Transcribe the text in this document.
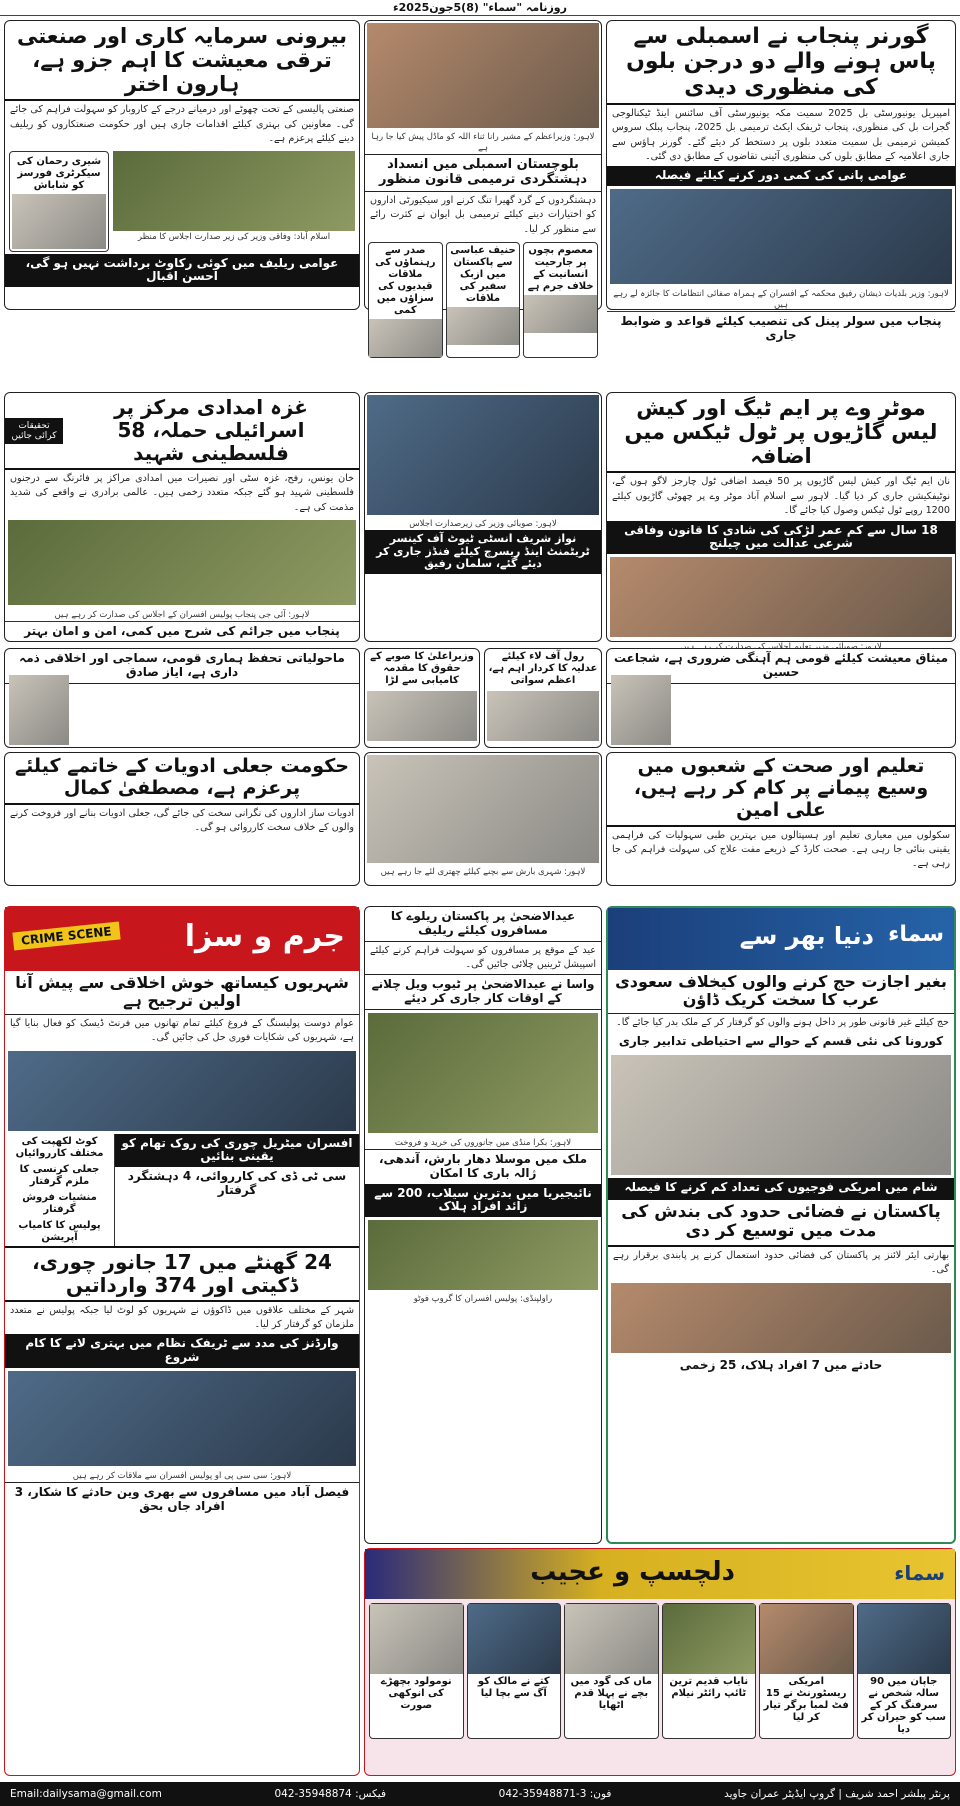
روزنامہ "سماء" (8)5جون2025ء
گورنر پنجاب نے اسمبلی سے پاس ہونے والے دو درجن بلوں کی منظوری دیدی
امپیریل یونیورسٹی بل 2025 سمیت مکہ یونیورسٹی آف سائنس اینڈ ٹیکنالوجی گجرات بل کی منظوری، پنجاب ٹریفک ایکٹ ترمیمی بل 2025، پنجاب پبلک سروس کمیشن ترمیمی بل سمیت متعدد بلوں پر دستخط کر دیئے گئے۔ گورنر ہاؤس سے جاری اعلامیہ کے مطابق بلوں کی منظوری آئینی تقاضوں کے مطابق دی گئی۔
عوامی پانی کی کمی دور کرنے کیلئے فیصلہ
لاہور: وزیر بلدیات ذیشان رفیق محکمہ کے افسران کے ہمراہ صفائی انتظامات کا جائزہ لے رہے ہیں
پنجاب میں سولر پینل کی تنصیب کیلئے قواعد و ضوابط جاری
لاہور: وزیراعظم کے مشیر رانا ثناء اللہ کو ماڈل پیش کیا جا رہا ہے
بلوچستان اسمبلی میں انسداد دہشتگردی ترمیمی قانون منظور
دہشتگردوں کے گرد گھیرا تنگ کرنے اور سیکیورٹی اداروں کو اختیارات دینے کیلئے ترمیمی بل ایوان نے کثرت رائے سے منظور کر لیا۔
معصوم بچوں پر جارحیت انسانیت کے خلاف جرم ہے
حنیف عباسی سے پاکستان میں ازبک سفیر کی ملاقات
صدر سے رہنماؤں کی ملاقات قیدیوں کی سزاؤں میں کمی
بیرونی سرمایہ کاری اور صنعتی ترقی معیشت کا اہم جزو ہے، ہارون اختر
صنعتی پالیسی کے تحت چھوٹے اور درمیانے درجے کے کاروبار کو سہولت فراہم کی جائے گی۔ معاونین کی بہتری کیلئے اقدامات جاری ہیں اور حکومت صنعتکاروں کو ریلیف دینے کیلئے پرعزم ہے۔
اسلام آباد: وفاقی وزیر کی زیر صدارت اجلاس کا منظر
شیری رحمان کی سیکرٹری فورسز کو شاباش
عوامی ریلیف میں کوئی رکاوٹ برداشت نہیں ہو گی، احسن اقبال
موٹر وے پر ایم ٹیگ اور کیش لیس گاڑیوں پر ٹول ٹیکس میں اضافہ
نان ایم ٹیگ اور کیش لیس گاڑیوں پر 50 فیصد اضافی ٹول چارجز لاگو ہوں گے، نوٹیفکیشن جاری کر دیا گیا۔ لاہور سے اسلام آباد موٹر وے پر چھوٹی گاڑیوں کیلئے 1200 روپے ٹول ٹیکس وصول کیا جائے گا۔
18 سال سے کم عمر لڑکی کی شادی کا قانون وفاقی شرعی عدالت میں چیلنج
لاہور: صوبائی وزیر کی زیرصدارت اجلاس
نواز شریف انسٹی ٹیوٹ آف کینسر ٹریٹمنٹ اینڈ ریسرچ کیلئے فنڈز جاری کر دیئے گئے، سلمان رفیق
غزہ امدادی مرکز پر اسرائیلی حملہ، 58 فلسطینی شہید
تحقیقات کرائی جائیں
خان یونس، رفح، غزہ سٹی اور نصیرات میں امدادی مراکز پر فائرنگ سے درجنوں فلسطینی شہید ہو گئے جبکہ متعدد زخمی ہیں۔ عالمی برادری نے واقعے کی شدید مذمت کی ہے۔
لاہور: آئی جی پنجاب پولیس افسران کے اجلاس کی صدارت کر رہے ہیں
پنجاب میں جرائم کی شرح میں کمی، امن و امان بہتر
میثاق معیشت کیلئے قومی ہم آہنگی ضروری ہے، شجاعت حسین
رول آف لاء کیلئے عدلیہ کا کردار اہم ہے، اعظم سواتی
وزیراعلیٰ کا صوبے کے حقوق کا مقدمہ کامیابی سے لڑا
ماحولیاتی تحفظ ہماری قومی، سماجی اور اخلاقی ذمہ داری ہے، ایاز صادق
تعلیم اور صحت کے شعبوں میں وسیع پیمانے پر کام کر رہے ہیں، علی امین
سکولوں میں معیاری تعلیم اور ہسپتالوں میں بہترین طبی سہولیات کی فراہمی یقینی بنائی جا رہی ہے۔ صحت کارڈ کے ذریعے مفت علاج کی سہولت فراہم کی جا رہی ہے۔
لاہور: شہری بارش سے بچنے کیلئے چھتری لئے جا رہے ہیں
حکومت جعلی ادویات کے خاتمے کیلئے پرعزم ہے، مصطفیٰ کمال
ادویات ساز اداروں کی نگرانی سخت کی جائے گی، جعلی ادویات بنانے اور فروخت کرنے والوں کے خلاف سخت کارروائی ہو گی۔
CRIME SCENE جرم و سزا
شہریوں کیساتھ خوش اخلاقی سے پیش آنا اولین ترجیح ہے
عوام دوست پولیسنگ کے فروغ کیلئے تمام تھانوں میں فرنٹ ڈیسک کو فعال بنایا گیا ہے، شہریوں کی شکایات فوری حل کی جائیں گی۔
افسران میٹریل چوری کی روک تھام کو یقینی بنائیں
سی ٹی ڈی کی کارروائی، 4 دہشتگرد گرفتار
کوٹ لکھپت کی مختلف کارروائیاں
جعلی کرنسی کا ملزم گرفتار
منشیات فروش گرفتار
پولیس کا کامیاب آپریشن
24 گھنٹے میں 17 جانور چوری، ڈکیتی اور 374 وارداتیں
شہر کے مختلف علاقوں میں ڈاکوؤں نے شہریوں کو لوٹ لیا جبکہ پولیس نے متعدد ملزمان کو گرفتار کر لیا۔
وارڈنز کی مدد سے ٹریفک نظام میں بہتری لانے کا کام شروع
لاہور: سی سی پی او پولیس افسران سے ملاقات کر رہے ہیں
فیصل آباد میں مسافروں سے بھری وین حادثے کا شکار، 3 افراد جاں بحق
عیدالاضحیٰ پر پاکستان ریلوے کا مسافروں کیلئے ریلیف
عید کے موقع پر مسافروں کو سہولت فراہم کرنے کیلئے اسپیشل ٹرینیں چلائی جائیں گی۔
واسا نے عیدالاضحیٰ پر ٹیوب ویل چلانے کے اوقات کار جاری کر دیئے
لاہور: بکرا منڈی میں جانوروں کی خرید و فروخت
ملک میں موسلا دھار بارش، آندھی، ژالہ باری کا امکان
نائیجیریا میں بدترین سیلاب، 200 سے زائد افراد ہلاک
راولپنڈی: پولیس افسران کا گروپ فوٹو
سماء
دنیا بھر سے
بغیر اجازت حج کرنے والوں کیخلاف سعودی عرب کا سخت کریک ڈاؤن
حج کیلئے غیر قانونی طور پر داخل ہونے والوں کو گرفتار کر کے ملک بدر کیا جائے گا۔
کورونا کی نئی قسم کے حوالے سے احتیاطی تدابیر جاری
شام میں امریکی فوجیوں کی تعداد کم کرنے کا فیصلہ
پاکستان نے فضائی حدود کی بندش کی مدت میں توسیع کر دی
بھارتی ایئر لائنز پر پاکستان کی فضائی حدود استعمال کرنے پر پابندی برقرار رہے گی۔
حادثے میں 7 افراد ہلاک، 25 زخمی
سماء
دلچسپ و عجیب
جاپان میں 90 سالہ شخص نے سرفنگ کر کے سب کو حیران کر دیا
امریکی ریسٹورنٹ نے 15 فٹ لمبا برگر تیار کر لیا
نایاب قدیم ترین ٹائپ رائٹر نیلام
ماں کی گود میں بچے نے پہلا قدم اٹھایا
کتے نے مالک کو آگ سے بچا لیا
نومولود بچھڑے کی انوکھی صورت
Email:dailysama@gmail.com	042-35948874 :فیکس	042-35948871-3 :فون	پرنٹر پبلشر احمد شریف | گروپ ایڈیٹر عمران جاوید
